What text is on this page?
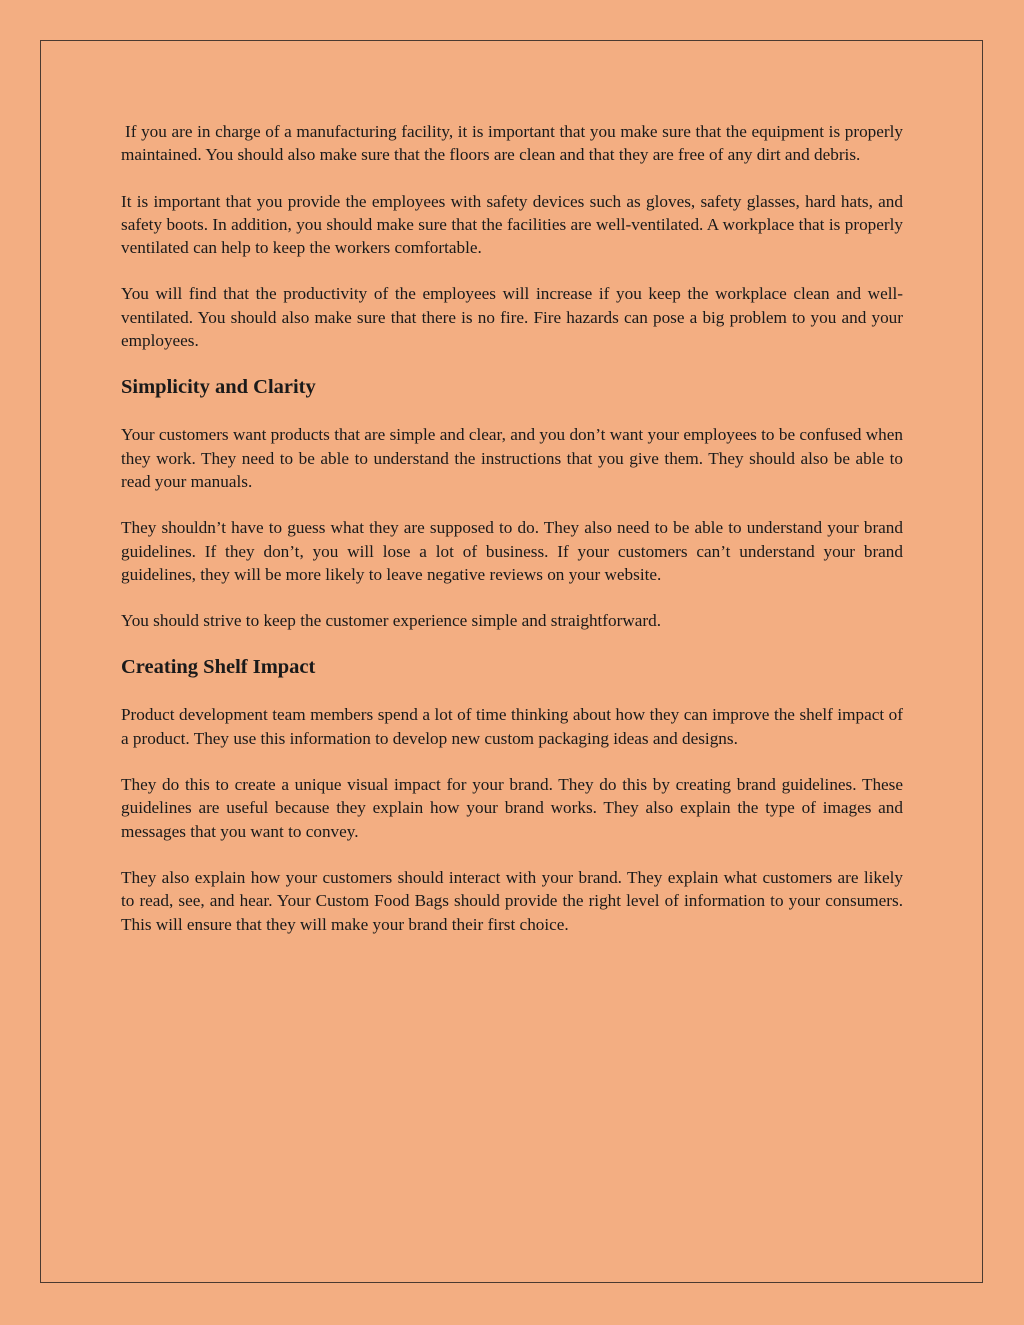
If you are in charge of a manufacturing facility, it is important that you make sure that the equipment is properly maintained. You should also make sure that the floors are clean and that they are free of any dirt and debris.

It is important that you provide the employees with safety devices such as gloves, safety glasses, hard hats, and safety boots. In addition, you should make sure that the facilities are well-ventilated. A workplace that is properly ventilated can help to keep the workers comfortable.

You will find that the productivity of the employees will increase if you keep the workplace clean and well-ventilated. You should also make sure that there is no fire. Fire hazards can pose a big problem to you and your employees.

Simplicity and Clarity

Your customers want products that are simple and clear, and you don’t want your employees to be confused when they work. They need to be able to understand the instructions that you give them. They should also be able to read your manuals.

They shouldn’t have to guess what they are supposed to do. They also need to be able to understand your brand guidelines. If they don’t, you will lose a lot of business. If your customers can’t understand your brand guidelines, they will be more likely to leave negative reviews on your website.

You should strive to keep the customer experience simple and straightforward.

Creating Shelf Impact

Product development team members spend a lot of time thinking about how they can improve the shelf impact of a product. They use this information to develop new custom packaging ideas and designs.

They do this to create a unique visual impact for your brand. They do this by creating brand guidelines. These guidelines are useful because they explain how your brand works. They also explain the type of images and messages that you want to convey.

They also explain how your customers should interact with your brand. They explain what customers are likely to read, see, and hear. Your Custom Food Bags should provide the right level of information to your consumers. This will ensure that they will make your brand their first choice.
